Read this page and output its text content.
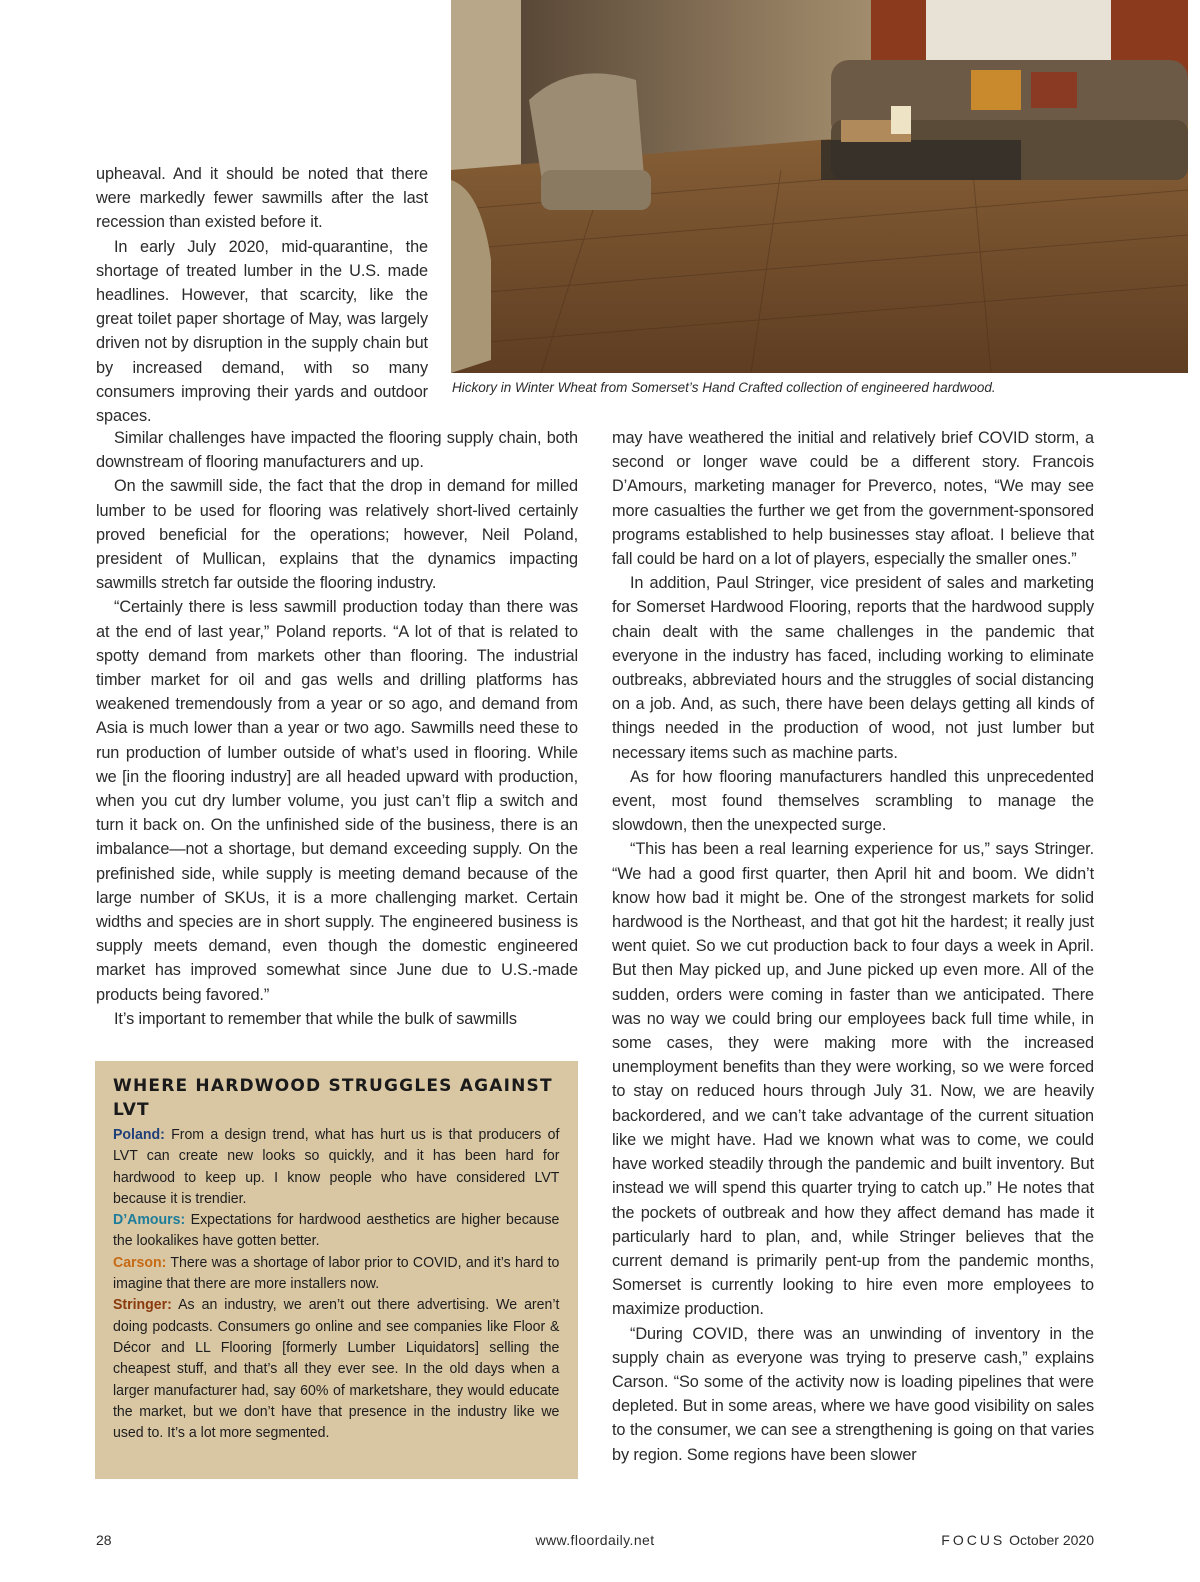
Hickory in Winter Wheat from Somerset’s Hand Crafted collection of engineered hardwood.

upheaval. And it should be noted that there were markedly fewer sawmills after the last recession than existed before it.

In early July 2020, mid-quarantine, the shortage of treated lumber in the U.S. made headlines. However, that scarcity, like the great toilet paper shortage of May, was largely driven not by disruption in the supply chain but by increased demand, with so many consumers improving their yards and outdoor spaces.

Similar challenges have impacted the flooring supply chain, both downstream of flooring manufacturers and up.

On the sawmill side, the fact that the drop in demand for milled lumber to be used for flooring was relatively short-lived certainly proved beneficial for the operations; however, Neil Poland, president of Mullican, explains that the dynamics impacting sawmills stretch far outside the flooring industry.

“Certainly there is less sawmill production today than there was at the end of last year,” Poland reports. “A lot of that is related to spotty demand from markets other than flooring. The industrial timber market for oil and gas wells and drilling platforms has weakened tremendously from a year or so ago, and demand from Asia is much lower than a year or two ago. Sawmills need these to run production of lumber outside of what’s used in flooring. While we [in the flooring industry] are all headed upward with production, when you cut dry lumber volume, you just can’t flip a switch and turn it back on. On the unfinished side of the business, there is an imbalance—not a shortage, but demand exceeding supply. On the prefinished side, while supply is meeting demand because of the large number of SKUs, it is a more challenging market. Certain widths and species are in short supply. The engineered business is supply meets demand, even though the domestic engineered market has improved somewhat since June due to U.S.-made products being favored.”

It’s important to remember that while the bulk of sawmills

may have weathered the initial and relatively brief COVID storm, a second or longer wave could be a different story. Francois D’Amours, marketing manager for Preverco, notes, “We may see more casualties the further we get from the government-sponsored programs established to help businesses stay afloat. I believe that fall could be hard on a lot of players, especially the smaller ones.”

In addition, Paul Stringer, vice president of sales and marketing for Somerset Hardwood Flooring, reports that the hardwood supply chain dealt with the same challenges in the pandemic that everyone in the industry has faced, including working to eliminate outbreaks, abbreviated hours and the struggles of social distancing on a job. And, as such, there have been delays getting all kinds of things needed in the production of wood, not just lumber but necessary items such as machine parts.

As for how flooring manufacturers handled this unprecedented event, most found themselves scrambling to manage the slowdown, then the unexpected surge.

“This has been a real learning experience for us,” says Stringer. “We had a good first quarter, then April hit and boom. We didn’t know how bad it might be. One of the strongest markets for solid hardwood is the Northeast, and that got hit the hardest; it really just went quiet. So we cut production back to four days a week in April. But then May picked up, and June picked up even more. All of the sudden, orders were coming in faster than we anticipated. There was no way we could bring our employees back full time while, in some cases, they were making more with the increased unemployment benefits than they were working, so we were forced to stay on reduced hours through July 31. Now, we are heavily backordered, and we can’t take advantage of the current situation like we might have. Had we known what was to come, we could have worked steadily through the pandemic and built inventory. But instead we will spend this quarter trying to catch up.” He notes that the pockets of outbreak and how they affect demand has made it particularly hard to plan, and, while Stringer believes that the current demand is primarily pent-up from the pandemic months, Somerset is currently looking to hire even more employees to maximize production.

“During COVID, there was an unwinding of inventory in the supply chain as everyone was trying to preserve cash,” explains Carson. “So some of the activity now is loading pipelines that were depleted. But in some areas, where we have good visibility on sales to the consumer, we can see a strengthening is going on that varies by region. Some regions have been slower

WHERE HARDWOOD STRUGGLES AGAINST LVT

Poland: From a design trend, what has hurt us is that producers of LVT can create new looks so quickly, and it has been hard for hardwood to keep up. I know people who have considered LVT because it is trendier.

D’Amours: Expectations for hardwood aesthetics are higher because the lookalikes have gotten better.

Carson: There was a shortage of labor prior to COVID, and it’s hard to imagine that there are more installers now.

Stringer: As an industry, we aren’t out there advertising. We aren’t doing podcasts. Consumers go online and see companies like Floor & Décor and LL Flooring [formerly Lumber Liquidators] selling the cheapest stuff, and that’s all they ever see. In the old days when a larger manufacturer had, say 60% of marketshare, they would educate the market, but we don’t have that presence in the industry like we used to. It’s a lot more segmented.

28	www.floordaily.net	FOCUS October 2020
